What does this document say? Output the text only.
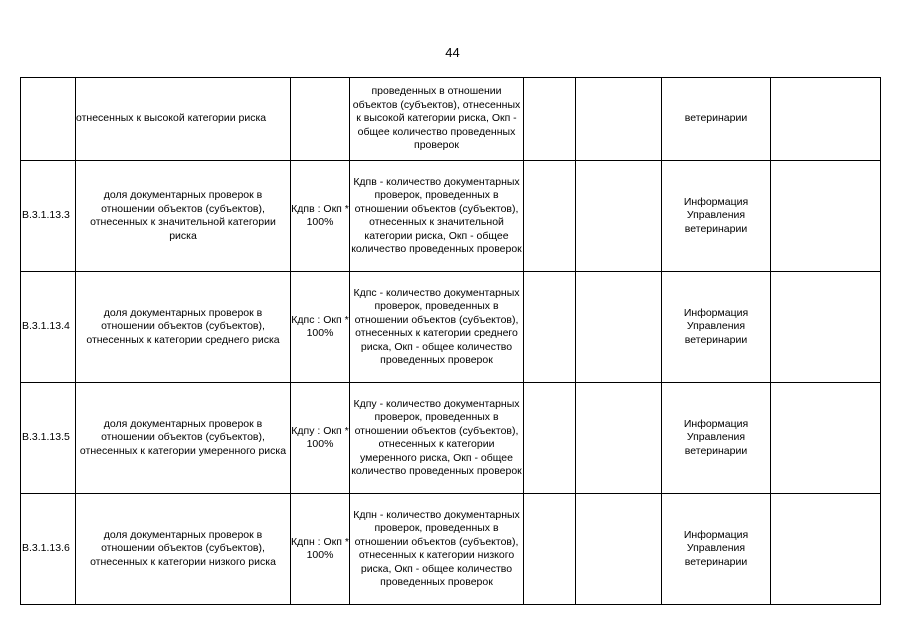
44
	отнесенных к высокой категории риска		проведенных в отношении объектов (субъектов), отнесенных к высокой категории риска, Окп - общее количество проведенных проверок			ветеринарии	
В.3.1.13.3	доля документарных проверок в отношении объектов (субъектов), отнесенных к значительной категории риска	Кдпв : Окп * 100%	Кдпв - количество документарных проверок, проведенных в отношении объектов (субъектов), отнесенных к значительной категории риска, Окп - общее количество проведенных проверок			Информация Управления ветеринарии	
В.3.1.13.4	доля документарных проверок в отношении объектов (субъектов), отнесенных к категории среднего риска	Кдпс : Окп * 100%	Кдпс - количество документарных проверок, проведенных в отношении объектов (субъектов), отнесенных к категории среднего риска, Окп - общее количество проведенных проверок			Информация Управления ветеринарии	
В.3.1.13.5	доля документарных проверок в отношении объектов (субъектов), отнесенных к категории умеренного риска	Кдпу : Окп * 100%	Кдпу - количество документарных проверок, проведенных в отношении объектов (субъектов), отнесенных к категории умеренного риска, Окп - общее количество проведенных проверок			Информация Управления ветеринарии	
В.3.1.13.6	доля документарных проверок в отношении объектов (субъектов), отнесенных к категории низкого риска	Кдпн : Окп * 100%	Кдпн - количество документарных проверок, проведенных в отношении объектов (субъектов), отнесенных к категории низкого риска, Окп - общее количество проведенных проверок			Информация Управления ветеринарии	
